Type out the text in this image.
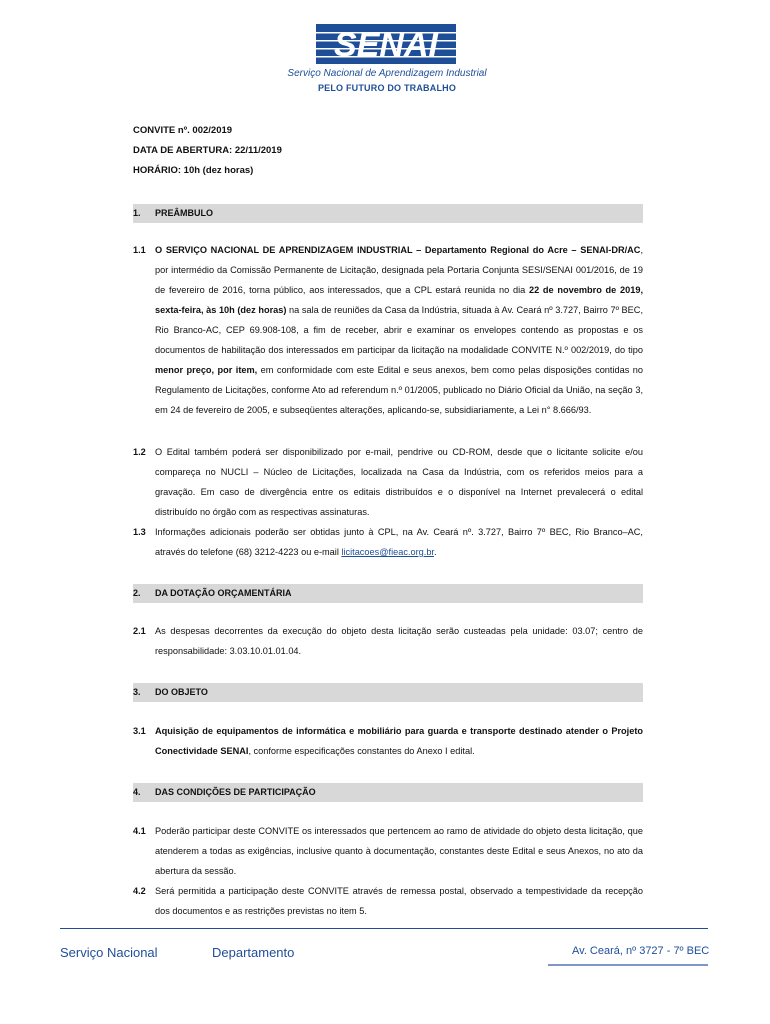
SENAI
Serviço Nacional de Aprendizagem Industrial
PELO FUTURO DO TRABALHO
CONVITE nº. 002/2019
DATA DE ABERTURA: 22/11/2019
HORÁRIO: 10h (dez horas)
1. PREÂMBULO
1.1 O SERVIÇO NACIONAL DE APRENDIZAGEM INDUSTRIAL – Departamento Regional do Acre – SENAI-DR/AC, por intermédio da Comissão Permanente de Licitação, designada pela Portaria Conjunta SESI/SENAI 001/2016, de 19 de fevereiro de 2016, torna público, aos interessados, que a CPL estará reunida no dia 22 de novembro de 2019, sexta-feira, às 10h (dez horas) na sala de reuniões da Casa da Indústria, situada à Av. Ceará nº 3.727, Bairro 7º BEC, Rio Branco-AC, CEP 69.908-108, a fim de receber, abrir e examinar os envelopes contendo as propostas e os documentos de habilitação dos interessados em participar da licitação na modalidade CONVITE N.º 002/2019, do tipo menor preço, por item, em conformidade com este Edital e seus anexos, bem como pelas disposições contidas no Regulamento de Licitações, conforme Ato ad referendum n.º 01/2005, publicado no Diário Oficial da União, na seção 3, em 24 de fevereiro de 2005, e subseqüentes alterações, aplicando-se, subsidiariamente, a Lei n° 8.666/93.
1.2 O Edital também poderá ser disponibilizado por e-mail, pendrive ou CD-ROM, desde que o licitante solicite e/ou compareça no NUCLI – Núcleo de Licitações, localizada na Casa da Indústria, com os referidos meios para a gravação. Em caso de divergência entre os editais distribuídos e o disponível na Internet prevalecerá o edital distribuído no órgão com as respectivas assinaturas.
1.3 Informações adicionais poderão ser obtidas junto à CPL, na Av. Ceará nº. 3.727, Bairro 7º BEC, Rio Branco–AC, através do telefone (68) 3212-4223 ou e-mail licitacoes@fieac.org.br.
2. DA DOTAÇÃO ORÇAMENTÁRIA
2.1 As despesas decorrentes da execução do objeto desta licitação serão custeadas pela unidade: 03.07; centro de responsabilidade: 3.03.10.01.01.04.
3. DO OBJETO
3.1 Aquisição de equipamentos de informática e mobiliário para guarda e transporte destinado atender o Projeto Conectividade SENAI, conforme especificações constantes do Anexo I edital.
4. DAS CONDIÇÕES DE PARTICIPAÇÃO
4.1 Poderão participar deste CONVITE os interessados que pertencem ao ramo de atividade do objeto desta licitação, que atenderem a todas as exigências, inclusive quanto à documentação, constantes deste Edital e seus Anexos, no ato da abertura da sessão.
4.2 Será permitida a participação deste CONVITE através de remessa postal, observado a tempestividade da recepção dos documentos e as restrições previstas no item 5.
Serviço Nacional	Departamento	Av. Ceará, nº 3727 - 7º BEC
